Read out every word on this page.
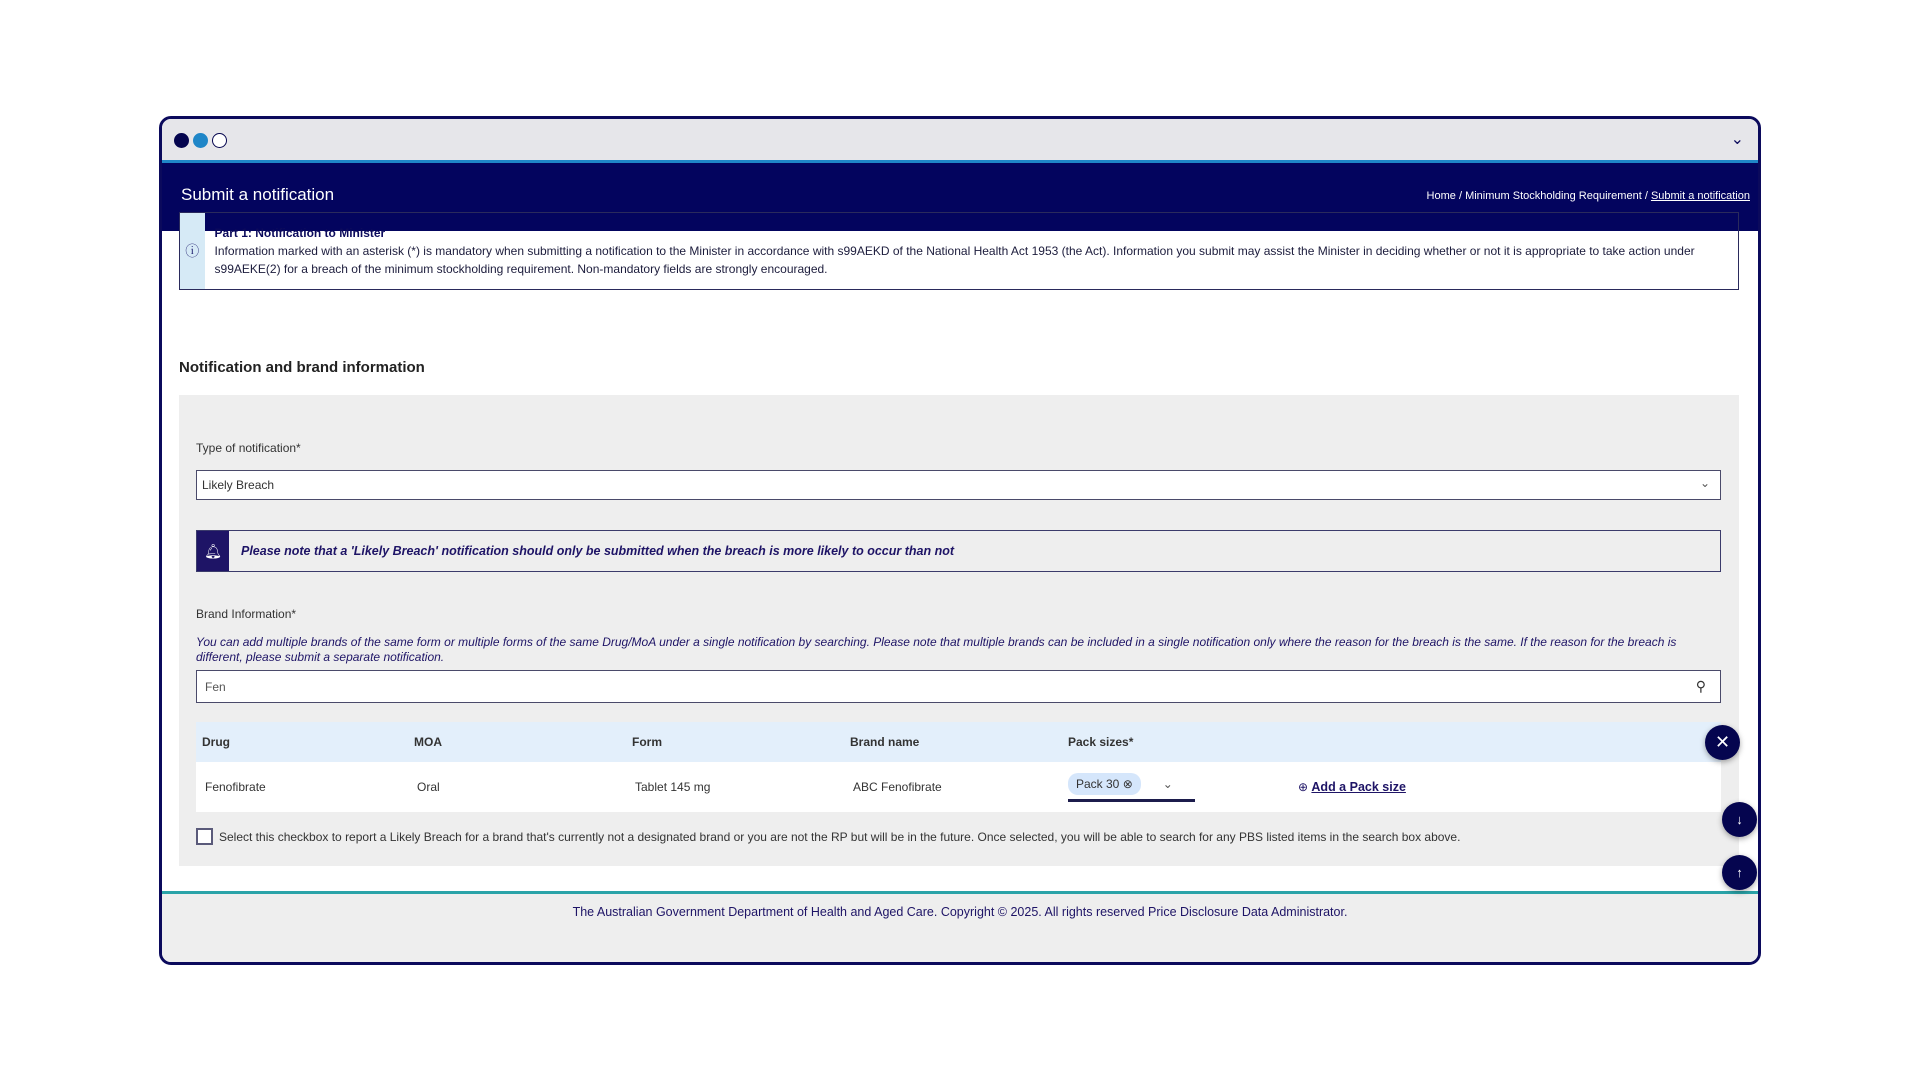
⌄
Submit a notification	Home / Minimum Stockholding Requirement / Submit a notification
ⓘ
Part 1: Notification to Minister
Information marked with an asterisk (*) is mandatory when submitting a notification to the Minister in accordance with s99AEKD of the National Health Act 1953 (the Act). Information you submit may assist the Minister in deciding whether or not it is appropriate to take action under s99AEKE(2) for a breach of the minimum stockholding requirement. Non-mandatory fields are strongly encouraged.
Notification and brand information
Type of notification*
Likely Breach	⌄
🔔︎	Please note that a 'Likely Breach' notification should only be submitted when the breach is more likely to occur than not
Brand Information*
You can add multiple brands of the same form or multiple forms of the same Drug/MoA under a single notification by searching. Please note that multiple brands can be included in a single notification only where the reason for the breach is the same. If the reason for the breach is different, please submit a separate notification.
Fen	⚲
Drug	MOA	Form	Brand name	Pack sizes*
Fenofibrate	Oral	Tablet 145 mg	ABC Fenofibrate	Pack 30 ⊗	⌄	⊕ Add a Pack size
Select this checkbox to report a Likely Breach for a brand that's currently not a designated brand or you are not the RP but will be in the future. Once selected, you will be able to search for any PBS listed items in the search box above.
The Australian Government Department of Health and Aged Care. Copyright © 2025. All rights reserved Price Disclosure Data Administrator.
✕
↓
↑
